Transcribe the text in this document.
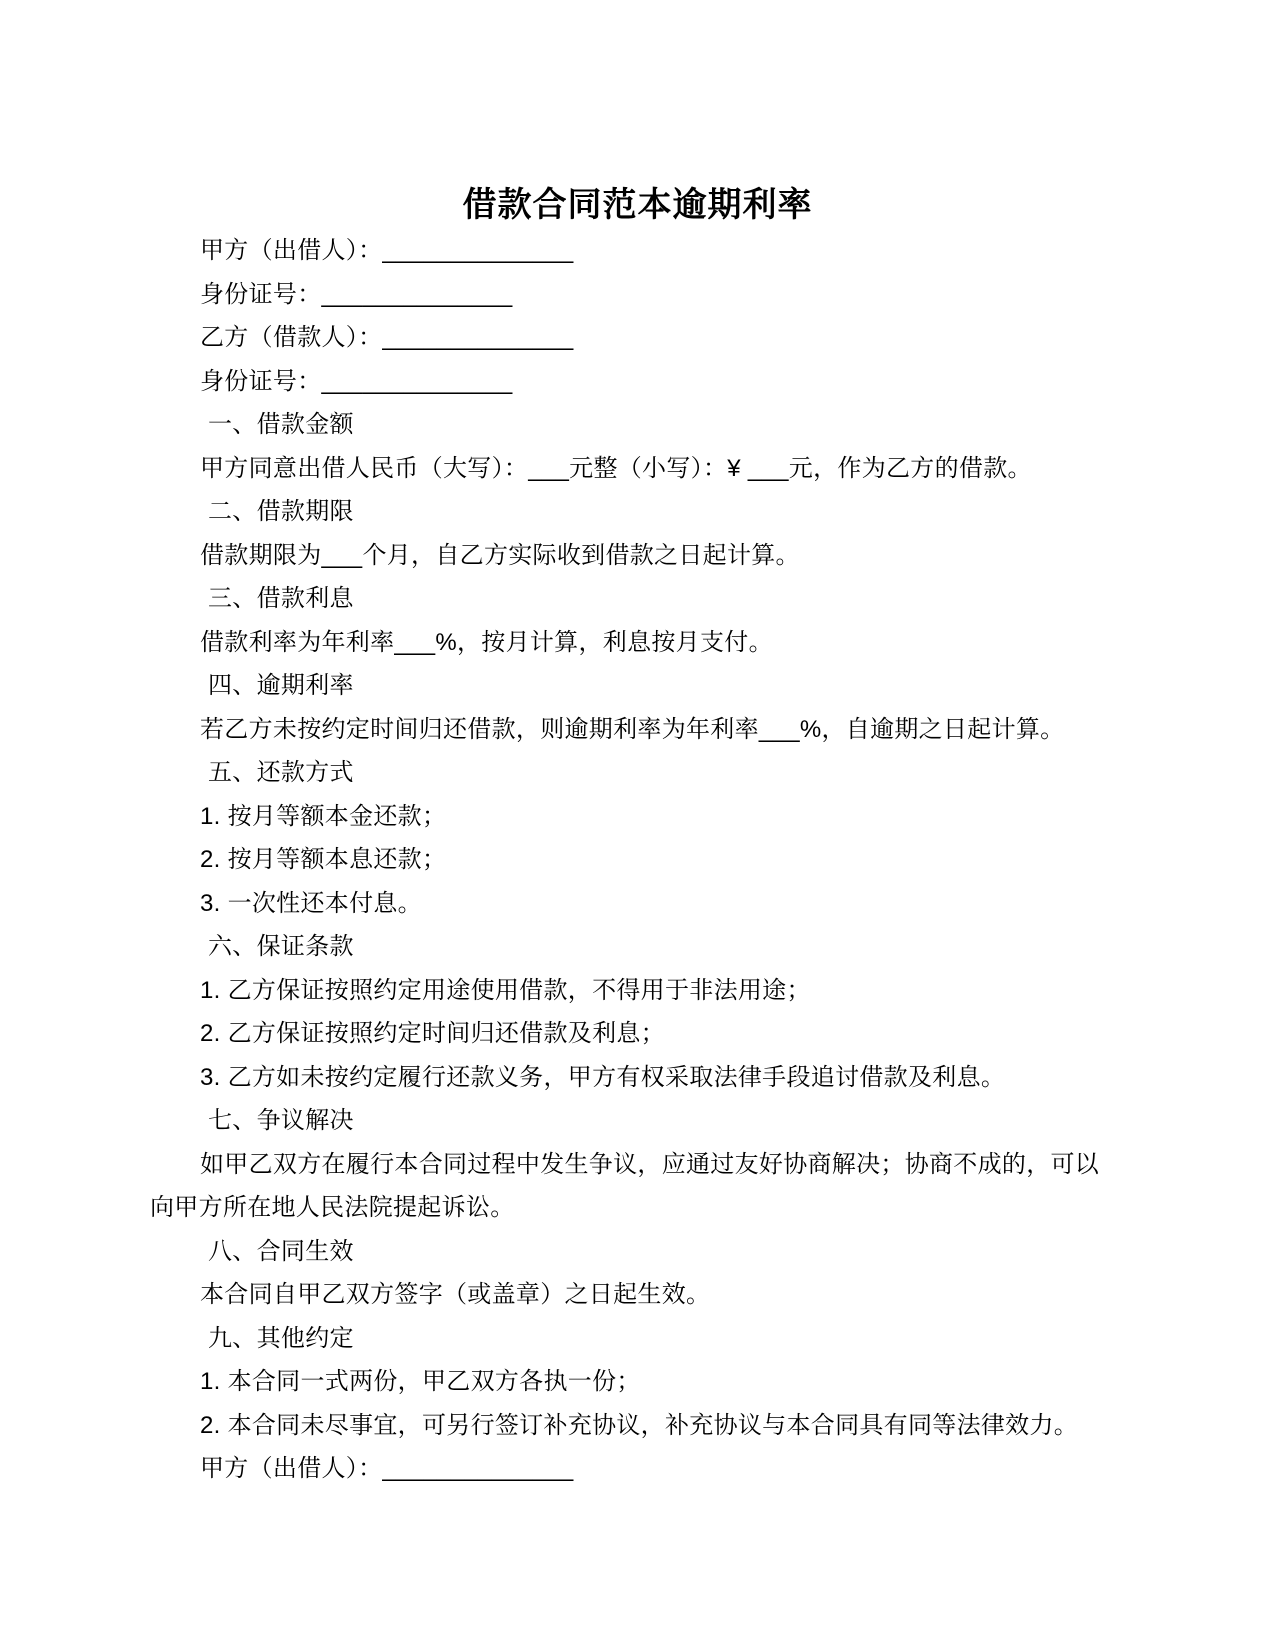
借款合同范本逾期利率
甲方（出借人）：______________
身份证号：______________
乙方（借款人）：______________
身份证号：______________
一、借款金额
甲方同意出借人民币（大写）：___元整（小写）：¥ ___元，作为乙方的借款。
二、借款期限
借款期限为___个月，自乙方实际收到借款之日起计算。
三、借款利息
借款利率为年利率___%，按月计算，利息按月支付。
四、逾期利率
若乙方未按约定时间归还借款，则逾期利率为年利率___%，自逾期之日起计算。
五、还款方式
1. 按月等额本金还款；
2. 按月等额本息还款；
3. 一次性还本付息。
六、保证条款
1. 乙方保证按照约定用途使用借款，不得用于非法用途；
2. 乙方保证按照约定时间归还借款及利息；
3. 乙方如未按约定履行还款义务，甲方有权采取法律手段追讨借款及利息。
七、争议解决
如甲乙双方在履行本合同过程中发生争议，应通过友好协商解决；协商不成的，可以
向甲方所在地人民法院提起诉讼。
八、合同生效
本合同自甲乙双方签字（或盖章）之日起生效。
九、其他约定
1. 本合同一式两份，甲乙双方各执一份；
2. 本合同未尽事宜，可另行签订补充协议，补充协议与本合同具有同等法律效力。
甲方（出借人）：______________
